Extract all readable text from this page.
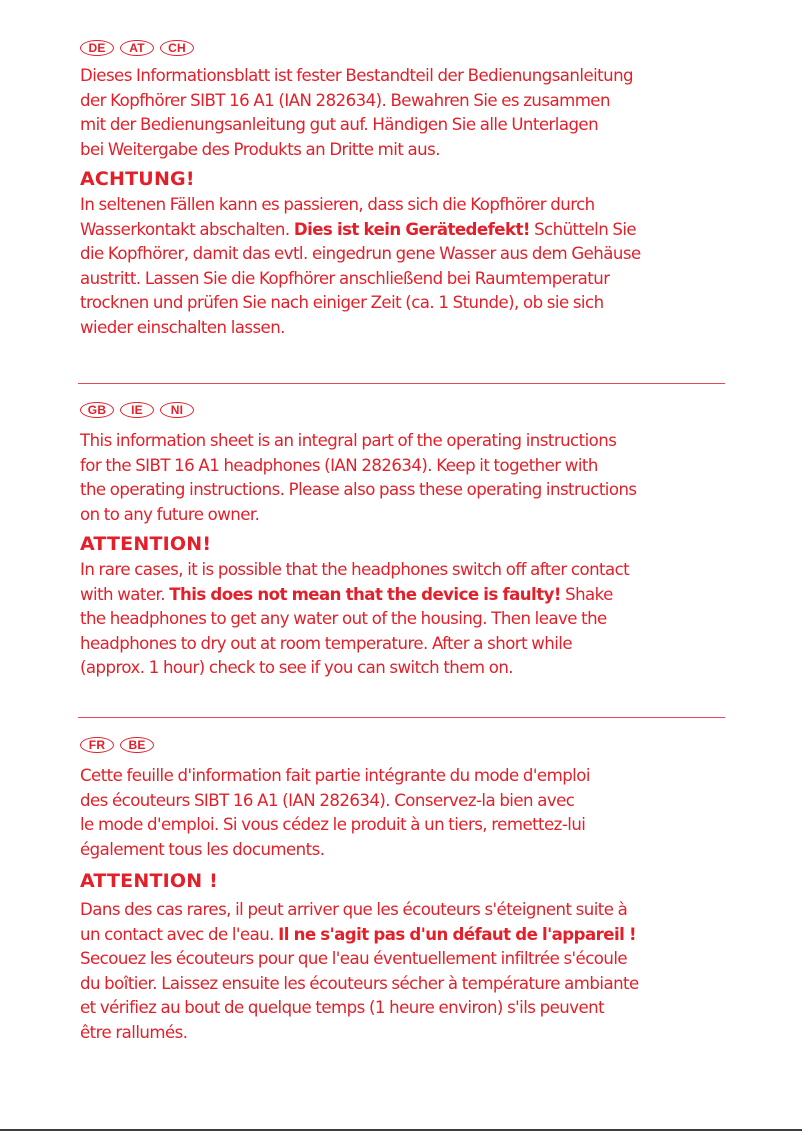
DE	AT	CH
Dieses Informationsblatt ist fester Bestandteil der Bedienungsanleitung
der Kopfhörer SIBT 16 A1 (IAN 282634). Bewahren Sie es zusammen
mit der Bedienungsanleitung gut auf. Händigen Sie alle Unterlagen
bei Weitergabe des Produkts an Dritte mit aus.
ACHTUNG!
In seltenen Fällen kann es passieren, dass sich die Kopfhörer durch
Wasserkontakt abschalten. Dies ist kein Gerätedefekt! Schütteln Sie
die Kopfhörer, damit das evtl. eingedrun gene Wasser aus dem Gehäuse
austritt. Lassen Sie die Kopfhörer anschließend bei Raumtemperatur
trocknen und prüfen Sie nach einiger Zeit (ca. 1 Stunde), ob sie sich
wieder einschalten lassen.
GB	IE	NI
This information sheet is an integral part of the operating instructions
for the SIBT 16 A1 headphones (IAN 282634). Keep it together with
the operating instructions. Please also pass these operating instructions
on to any future owner.
ATTENTION!
In rare cases, it is possible that the headphones switch off after contact
with water. This does not mean that the device is faulty! Shake
the headphones to get any water out of the housing. Then leave the
headphones to dry out at room temperature. After a short while
(approx. 1 hour) check to see if you can switch them on.
FR	BE
Cette feuille d'information fait partie intégrante du mode d'emploi
des écouteurs SIBT 16 A1 (IAN 282634). Conservez-la bien avec
le mode d'emploi. Si vous cédez le produit à un tiers, remettez-lui
également tous les documents.
ATTENTION !
Dans des cas rares, il peut arriver que les écouteurs s'éteignent suite à
un contact avec de l'eau. Il ne s'agit pas d'un défaut de l'appareil !
Secouez les écouteurs pour que l'eau éventuellement infiltrée s'écoule
du boîtier. Laissez ensuite les écouteurs sécher à température ambiante
et vérifiez au bout de quelque temps (1 heure environ) s'ils peuvent
être rallumés.
